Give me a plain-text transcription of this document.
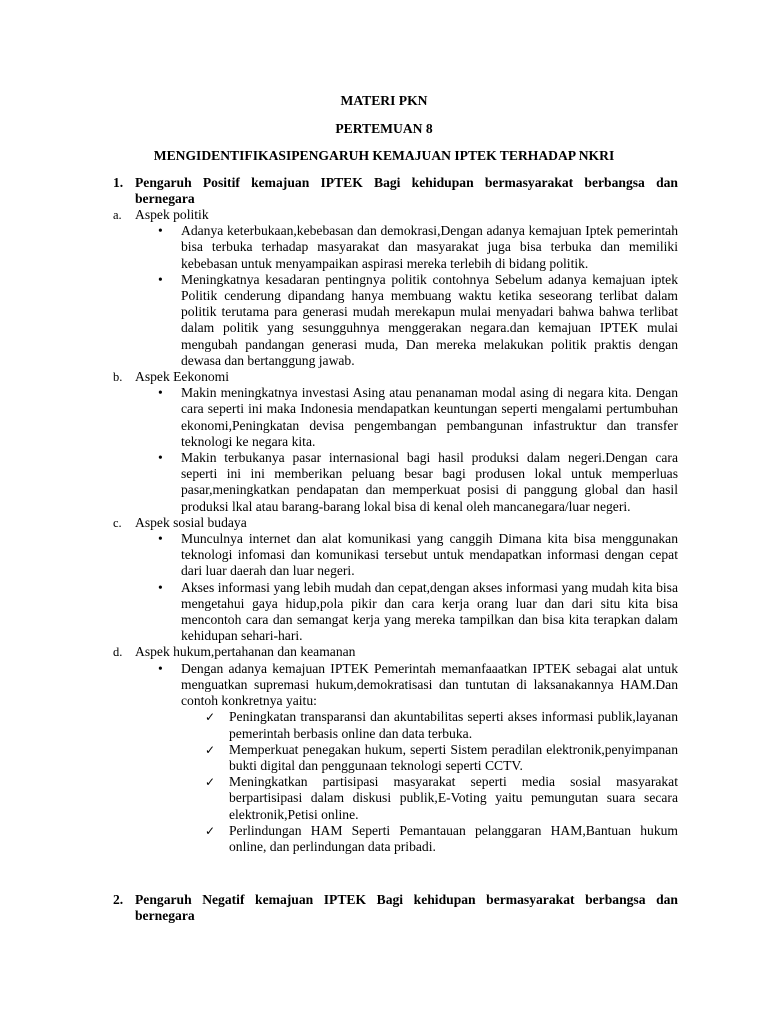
MATERI PKN
PERTEMUAN 8
MENGIDENTIFIKASIPENGARUH KEMAJUAN IPTEK TERHADAP NKRI
1. Pengaruh Positif kemajuan IPTEK Bagi kehidupan bermasyarakat berbangsa dan bernegara
a. Aspek politik
• Adanya keterbukaan,kebebasan dan demokrasi,Dengan adanya kemajuan Iptek pemerintah bisa terbuka terhadap masyarakat dan masyarakat juga bisa terbuka dan memiliki kebebasan untuk menyampaikan aspirasi mereka terlebih di bidang politik.
• Meningkatnya kesadaran pentingnya politik contohnya Sebelum adanya kemajuan iptek Politik cenderung dipandang hanya membuang waktu ketika seseorang terlibat dalam politik terutama para generasi mudah merekapun mulai menyadari bahwa bahwa terlibat dalam politik yang sesungguhnya menggerakan negara.dan kemajuan IPTEK mulai mengubah pandangan generasi muda, Dan mereka melakukan politik praktis dengan dewasa dan bertanggung jawab.
b. Aspek Eekonomi
• Makin meningkatnya investasi Asing atau penanaman modal asing di negara kita. Dengan cara seperti ini maka Indonesia mendapatkan keuntungan seperti mengalami pertumbuhan ekonomi,Peningkatan devisa pengembangan pembangunan infastruktur dan transfer teknologi ke negara kita.
• Makin terbukanya pasar internasional bagi hasil produksi dalam negeri.Dengan cara seperti ini ini memberikan peluang besar bagi produsen lokal untuk memperluas pasar,meningkatkan pendapatan dan memperkuat posisi di panggung global dan hasil produksi lkal atau barang-barang lokal bisa di kenal oleh mancanegara/luar negeri.
c. Aspek sosial budaya
• Munculnya internet dan alat komunikasi yang canggih Dimana kita bisa menggunakan teknologi infomasi dan komunikasi tersebut untuk mendapatkan informasi dengan cepat dari luar daerah dan luar negeri.
• Akses informasi yang lebih mudah dan cepat,dengan akses informasi yang mudah kita bisa mengetahui gaya hidup,pola pikir dan cara kerja orang luar dan dari situ kita bisa mencontoh cara dan semangat kerja yang mereka tampilkan dan bisa kita terapkan dalam kehidupan sehari-hari.
d. Aspek hukum,pertahanan dan keamanan
• Dengan adanya kemajuan IPTEK Pemerintah memanfaaatkan IPTEK sebagai alat untuk menguatkan supremasi hukum,demokratisasi dan tuntutan di laksanakannya HAM.Dan contoh konkretnya yaitu:
✓ Peningkatan transparansi dan akuntabilitas seperti akses informasi publik,layanan pemerintah berbasis online dan data terbuka.
✓ Memperkuat penegakan hukum, seperti Sistem peradilan elektronik,penyimpanan bukti digital dan penggunaan teknologi seperti CCTV.
✓ Meningkatkan partisipasi masyarakat seperti media sosial masyarakat berpartisipasi dalam diskusi publik,E-Voting yaitu pemungutan suara secara elektronik,Petisi online.
✓ Perlindungan HAM Seperti Pemantauan pelanggaran HAM,Bantuan hukum online, dan perlindungan data pribadi.
2. Pengaruh Negatif kemajuan IPTEK Bagi kehidupan bermasyarakat berbangsa dan bernegara
